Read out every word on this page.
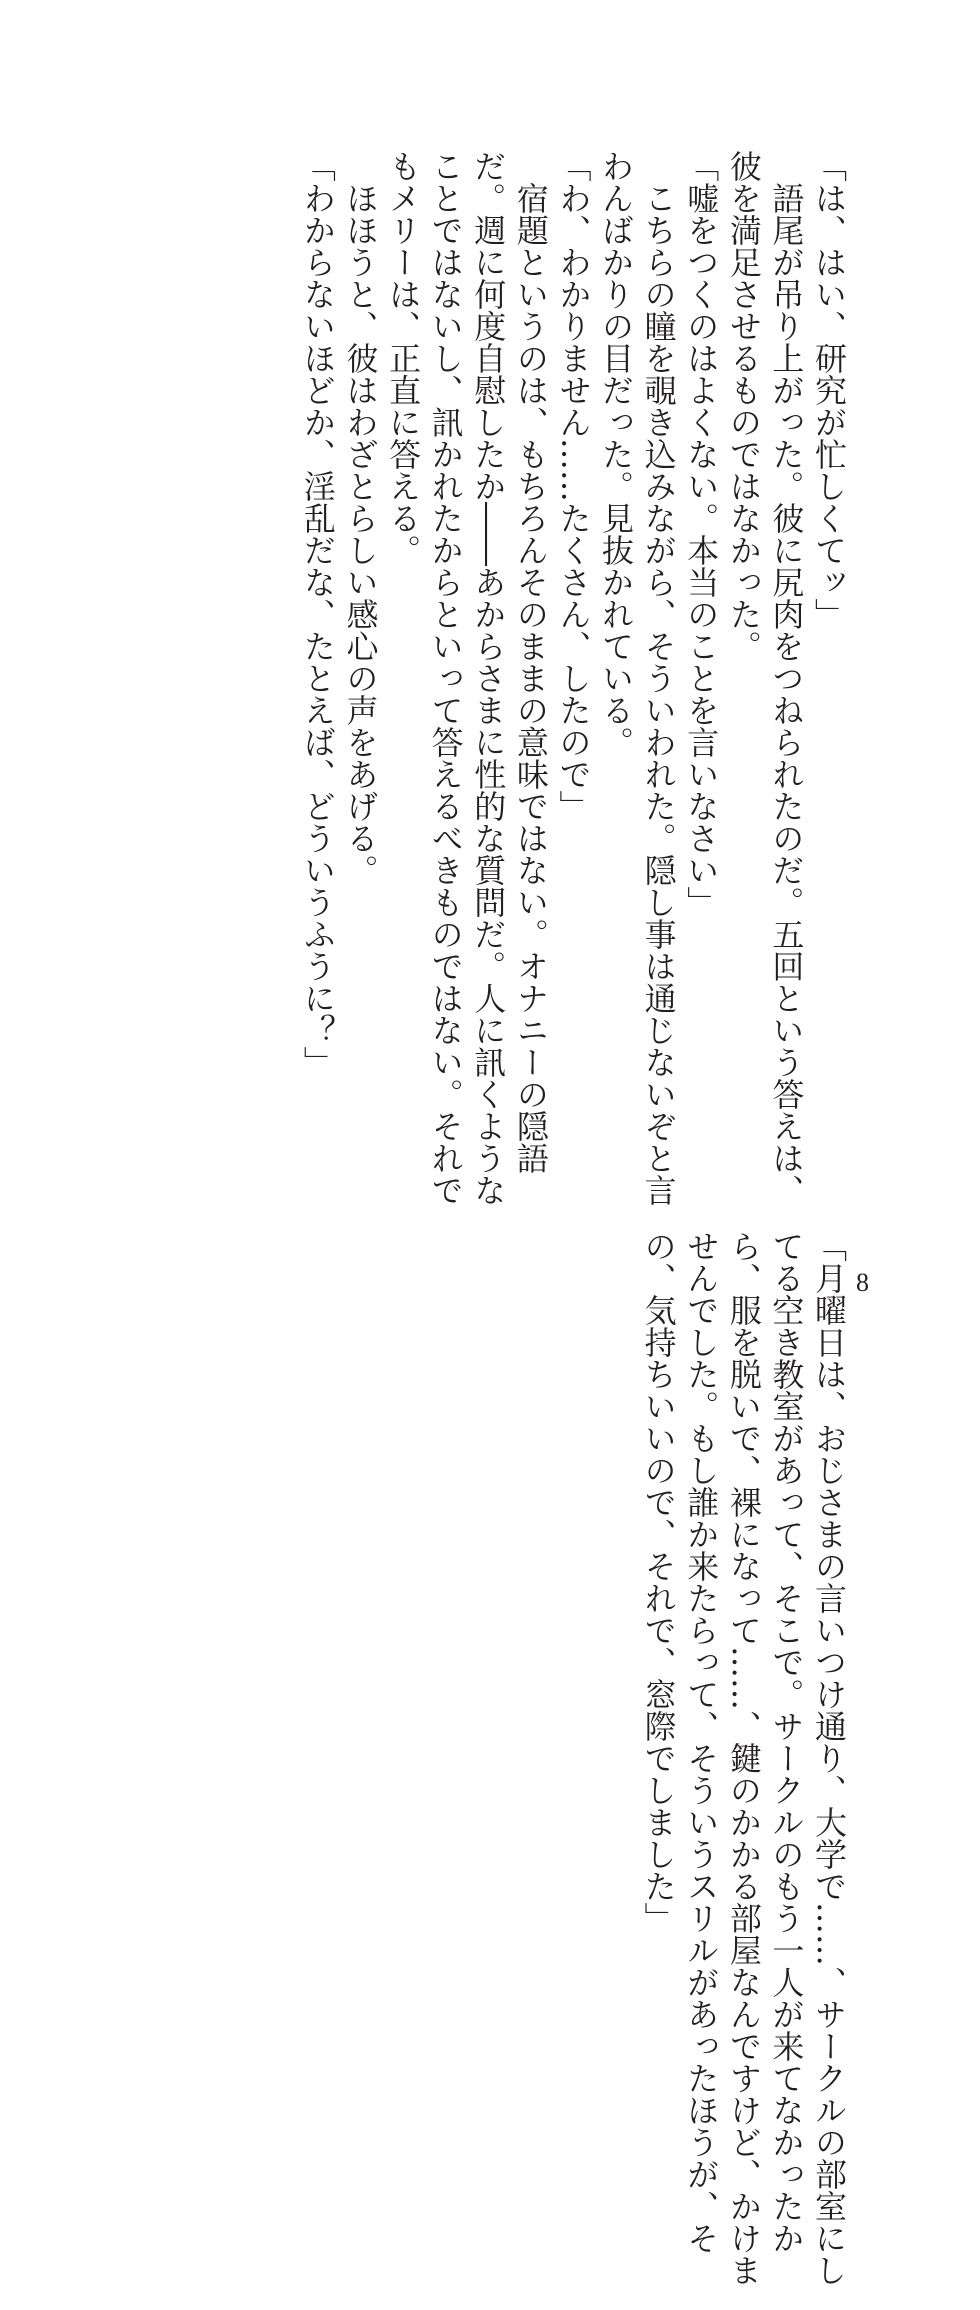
「は、はい、研究が忙しくてッ」

語尾が吊り上がった。彼に尻肉をつねられたのだ。五回という答えは、彼を満足させるものではなかった。

「嘘をつくのはよくない。本当のことを言いなさい」

こちらの瞳を覗き込みながら、そういわれた。隠し事は通じないぞと言わんばかりの目だった。見抜かれている。

「わ、わかりません……たくさん、したので」

宿題というのは、もちろんそのままの意味ではない。オナニーの隠語だ。週に何度自慰したか――あからさまに性的な質問だ。人に訊くようなことではないし、訊かれたからといって答えるべきものではない。それでもメリーは、正直に答える。

ほほうと、彼はわざとらしい感心の声をあげる。

「わからないほどか、淫乱だな、たとえば、どういうふうに？」

「月曜日は、おじさまの言いつけ通り、大学で……、サークルの部室にしてる空き教室があって、そこで。サークルのもう一人が来てなかったから、服を脱いで、裸になって……、鍵のかかる部屋なんですけど、かけませんでした。もし誰か来たらって、そういうスリルがあったほうが、その、気持ちいいので、それで、窓際でしました」	8
